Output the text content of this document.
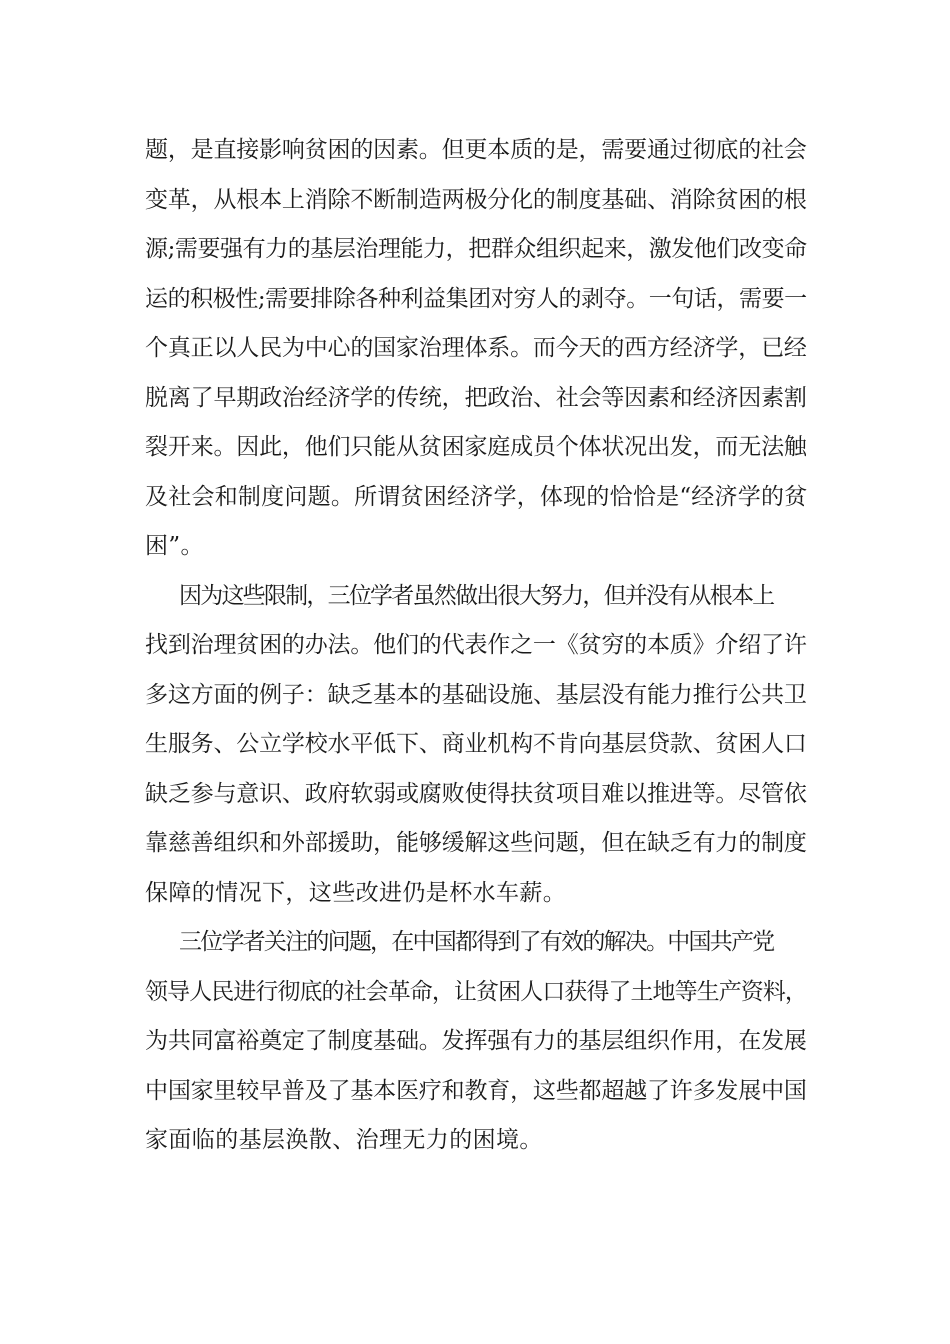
题，是直接影响贫困的因素。但更本质的是，需要通过彻底的社会
变革，从根本上消除不断制造两极分化的制度基础、消除贫困的根
源;需要强有力的基层治理能力，把群众组织起来，激发他们改变命
运的积极性;需要排除各种利益集团对穷人的剥夺。一句话，需要一
个真正以人民为中心的国家治理体系。而今天的西方经济学，已经
脱离了早期政治经济学的传统，把政治、社会等因素和经济因素割
裂开来。因此，他们只能从贫困家庭成员个体状况出发，而无法触
及社会和制度问题。所谓贫困经济学，体现的恰恰是“经济学的贫
困”。
因为这些限制，三位学者虽然做出很大努力，但并没有从根本上
找到治理贫困的办法。他们的代表作之一《贫穷的本质》介绍了许
多这方面的例子：缺乏基本的基础设施、基层没有能力推行公共卫
生服务、公立学校水平低下、商业机构不肯向基层贷款、贫困人口
缺乏参与意识、政府软弱或腐败使得扶贫项目难以推进等。尽管依
靠慈善组织和外部援助，能够缓解这些问题，但在缺乏有力的制度
保障的情况下，这些改进仍是杯水车薪。
三位学者关注的问题，在中国都得到了有效的解决。中国共产党
领导人民进行彻底的社会革命，让贫困人口获得了土地等生产资料，
为共同富裕奠定了制度基础。发挥强有力的基层组织作用，在发展
中国家里较早普及了基本医疗和教育，这些都超越了许多发展中国
家面临的基层涣散、治理无力的困境。
